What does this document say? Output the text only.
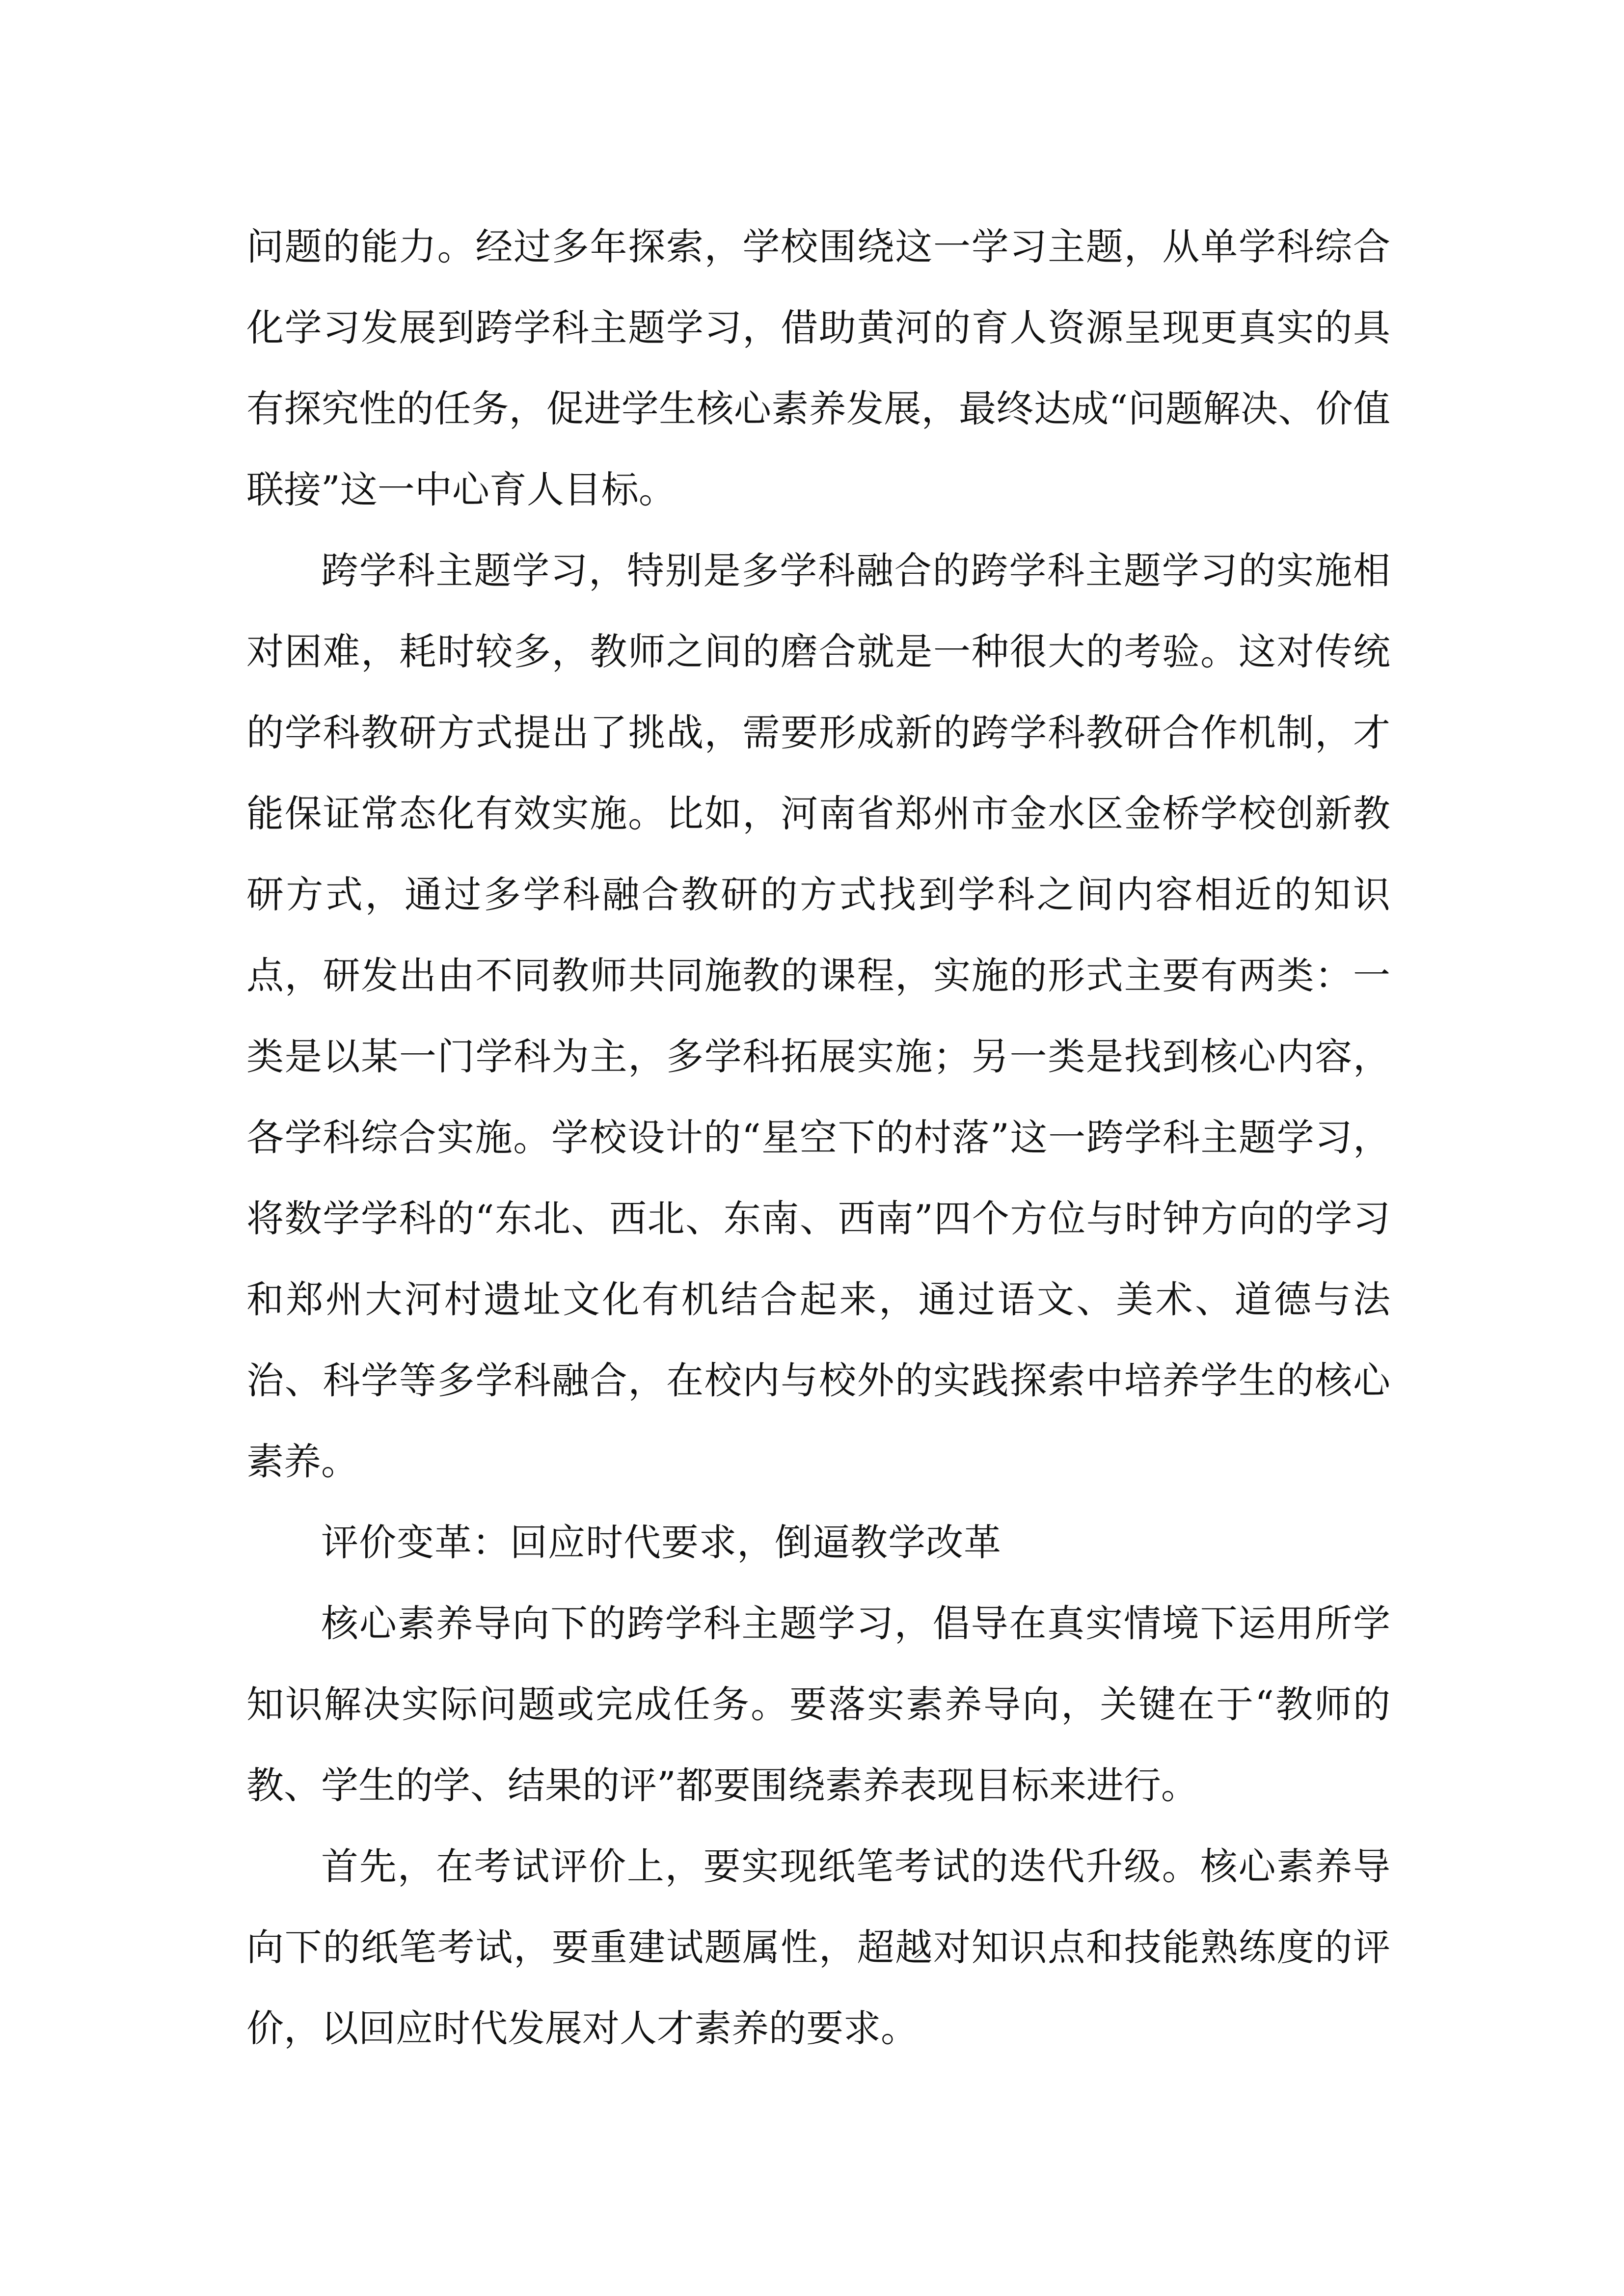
问题的能力。经过多年探索，学校围绕这一学习主题，从单学科综合化学习发展到跨学科主题学习，借助黄河的育人资源呈现更真实的具有探究性的任务，促进学生核心素养发展，最终达成“问题解决、价值联接”这一中心育人目标。

跨学科主题学习，特别是多学科融合的跨学科主题学习的实施相对困难，耗时较多，教师之间的磨合就是一种很大的考验。这对传统的学科教研方式提出了挑战，需要形成新的跨学科教研合作机制，才能保证常态化有效实施。比如，河南省郑州市金水区金桥学校创新教研方式，通过多学科融合教研的方式找到学科之间内容相近的知识点，研发出由不同教师共同施教的课程，实施的形式主要有两类：一类是以某一门学科为主，多学科拓展实施；另一类是找到核心内容，各学科综合实施。学校设计的“星空下的村落”这一跨学科主题学习，将数学学科的“东北、西北、东南、西南”四个方位与时钟方向的学习和郑州大河村遗址文化有机结合起来，通过语文、美术、道德与法治、科学等多学科融合，在校内与校外的实践探索中培养学生的核心素养。

评价变革：回应时代要求，倒逼教学改革

核心素养导向下的跨学科主题学习，倡导在真实情境下运用所学知识解决实际问题或完成任务。要落实素养导向，关键在于“教师的教、学生的学、结果的评”都要围绕素养表现目标来进行。

首先，在考试评价上，要实现纸笔考试的迭代升级。核心素养导向下的纸笔考试，要重建试题属性，超越对知识点和技能熟练度的评价，以回应时代发展对人才素养的要求。
